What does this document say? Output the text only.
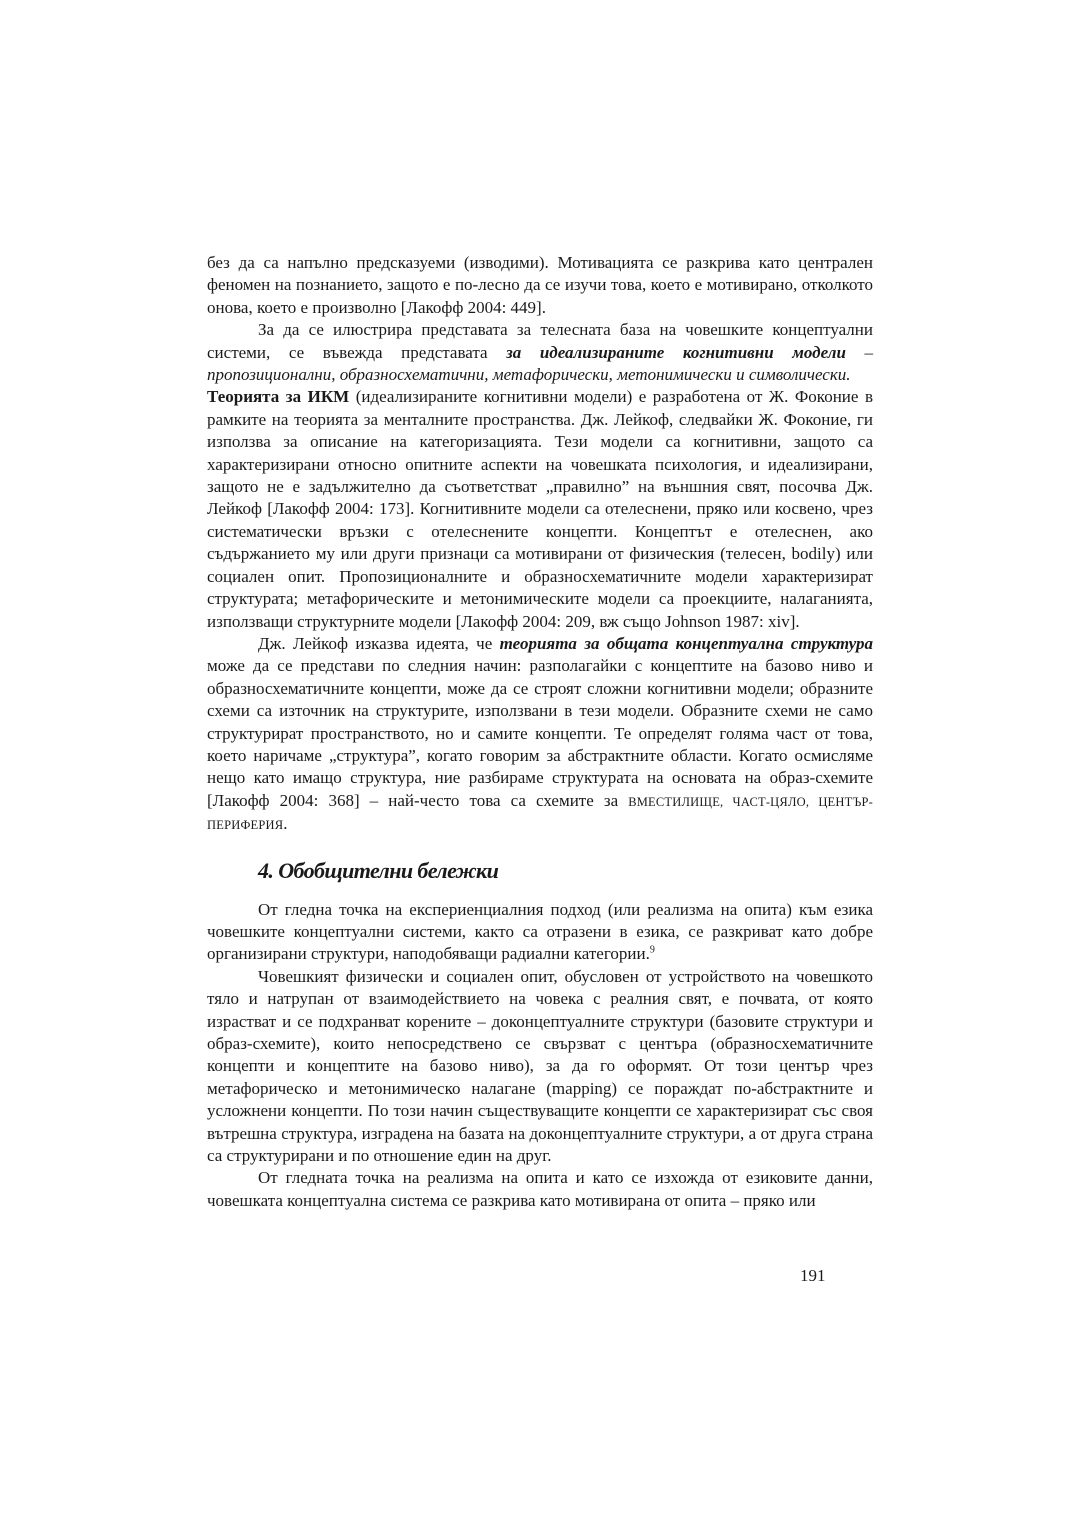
без да са напълно предсказуеми (изводими). Мотивацията се разкрива като централен феномен на познанието, защото е по-лесно да се изучи това, което е мотивирано, отколкото онова, което е произволно [Лакофф 2004: 449].

За да се илюстрира представата за телесната база на човешките концептуални системи, се въвежда представата за идеализираните когнитивни модели – пропозиционални, образносхематични, метафорически, метонимически и символически.

Теорията за ИКМ (идеализираните когнитивни модели) е разработена от Ж. Фоконие в рамките на теорията за менталните пространства. Дж. Лейкоф, следвайки Ж. Фоконие, ги използва за описание на категоризацията. Тези модели са когнитивни, защото са характеризирани относно опитните аспекти на човешката психология, и идеализирани, защото не е задължително да съответстват „правилно” на външния свят, посочва Дж. Лейкоф [Лакофф 2004: 173]. Когнитивните модели са отелеснени, пряко или косвено, чрез систематически връзки с отелеснените концепти. Концептът е отелеснен, ако съдържанието му или други признаци са мотивирани от физическия (телесен, bodily) или социален опит. Пропозиционалните и образносхематичните модели характеризират структурата; метафорическите и метонимическите модели са проекциите, налаганията, използващи структурните модели [Лакофф 2004: 209, вж също Johnson 1987: xiv].

Дж. Лейкоф изказва идеята, че теорията за общата концептуална структура може да се представи по следния начин: разполагайки с концептите на базово ниво и образносхематичните концепти, може да се строят сложни когнитивни модели; образните схеми са източник на структурите, използвани в тези модели. Образните схеми не само структурират пространството, но и самите концепти. Те определят голяма част от това, което наричаме „структура”, когато говорим за абстрактните области. Когато осмисляме нещо като имащо структура, ние разбираме структурата на основата на образ-схемите [Лакофф 2004: 368] – най-често това са схемите за ВМЕСТИЛИЩЕ, ЧАСТ-ЦЯЛО, ЦЕНТЪР-ПЕРИФЕРИЯ.

4. Обобщителни бележки

От гледна точка на експериенциалния подход (или реализма на опита) към езика човешките концептуални системи, както са отразени в езика, се разкриват като добре организирани структури, наподобяващи радиални категории.$^9$

Човешкият физически и социален опит, обусловен от устройството на човешкото тяло и натрупан от взаимодействието на човека с реалния свят, е почвата, от която израстват и се подхранват корените – доконцептуалните структури (базовите структури и образ-схемите), които непосредствено се свързват с центъра (образносхематичните концепти и концептите на базово ниво), за да го оформят. От този център чрез метафорическо и метонимическо налагане (mapping) се пораждат по-абстрактните и усложнени концепти. По този начин съществуващите концепти се характеризират със своя вътрешна структура, изградена на базата на доконцептуалните структури, а от друга страна са структурирани и по отношение един на друг.

От гледната точка на реализма на опита и като се изхожда от езиковите данни, човешката концептуална система се разкрива като мотивирана от опита – пряко или

191
